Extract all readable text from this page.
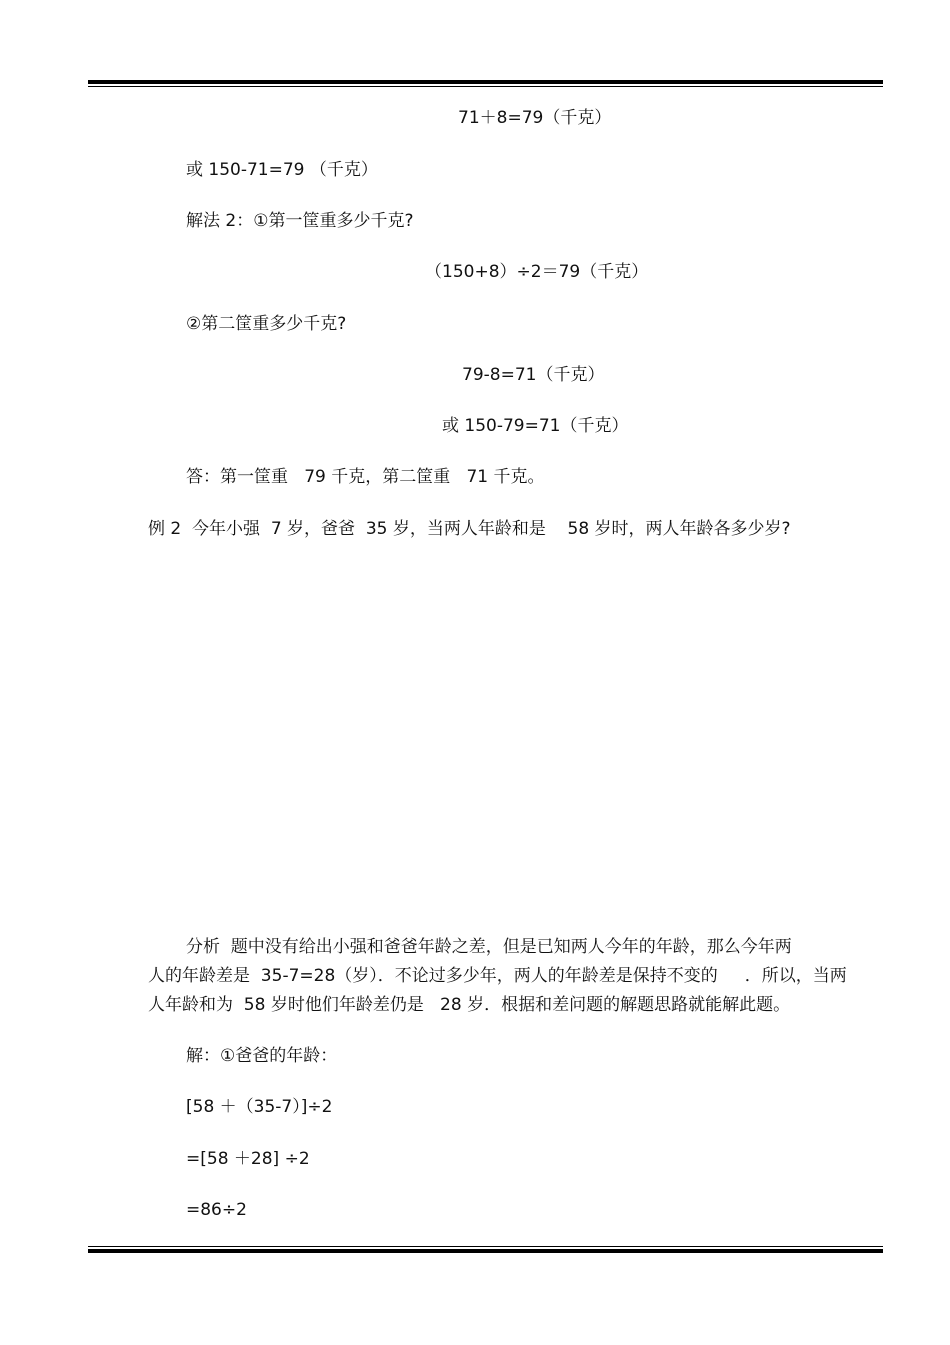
71＋8=79（千克）
或 150-71=79 （千克）
解法 2：①第一筐重多少千克?
（150+8）÷2＝79（千克）
②第二筐重多少千克?
79-8=71（千克）
或 150-79=71（千克）
答：第一筐重   79 千克，第二筐重   71 千克。
例 2  今年小强  7 岁，爸爸  35 岁，当两人年龄和是    58 岁时，两人年龄各多少岁?
分析  题中没有给出小强和爸爸年龄之差，但是已知两人今年的年龄，那么今年两
人的年龄差是  35-7=28（岁）．不论过多少年，两人的年龄差是保持不变的     ．所以，当两
人年龄和为  58 岁时他们年龄差仍是   28 岁．根据和差问题的解题思路就能解此题。
解：①爸爸的年龄：
[58 ＋（35-7）]÷2
=[58 ＋28] ÷2
=86÷2
